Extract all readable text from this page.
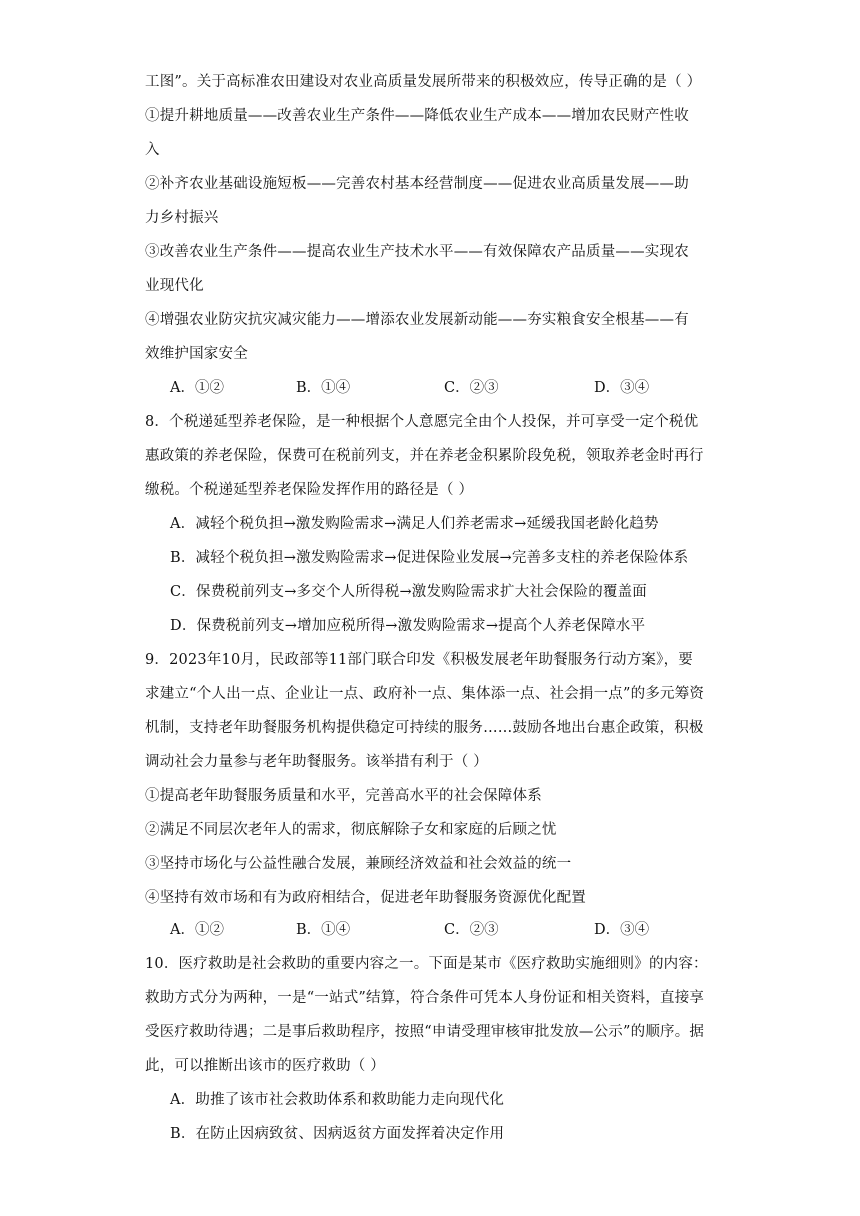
工图”。关于高标准农田建设对农业高质量发展所带来的积极效应，传导正确的是（ ）
①提升耕地质量——改善农业生产条件——降低农业生产成本——增加农民财产性收
入
②补齐农业基础设施短板——完善农村基本经营制度——促进农业高质量发展——助
力乡村振兴
③改善农业生产条件——提高农业生产技术水平——有效保障农产品质量——实现农
业现代化
④增强农业防灾抗灾减灾能力——增添农业发展新动能——夯实粮食安全根基——有
效维护国家安全
A．①②	B．①④	C．②③	D．③④
8．个税递延型养老保险，是一种根据个人意愿完全由个人投保，并可享受一定个税优
惠政策的养老保险，保费可在税前列支，并在养老金积累阶段免税，领取养老金时再行
缴税。个税递延型养老保险发挥作用的路径是（ ）
A．减轻个税负担→激发购险需求→满足人们养老需求→延缓我国老龄化趋势
B．减轻个税负担→激发购险需求→促进保险业发展→完善多支柱的养老保险体系
C．保费税前列支→多交个人所得税→激发购险需求扩大社会保险的覆盖面
D．保费税前列支→增加应税所得→激发购险需求→提高个人养老保障水平
9．2023年10月，民政部等11部门联合印发《积极发展老年助餐服务行动方案》，要
求建立“个人出一点、企业让一点、政府补一点、集体添一点、社会捐一点”的多元筹资
机制，支持老年助餐服务机构提供稳定可持续的服务……鼓励各地出台惠企政策，积极
调动社会力量参与老年助餐服务。该举措有利于（ ）
①提高老年助餐服务质量和水平，完善高水平的社会保障体系
②满足不同层次老年人的需求，彻底解除子女和家庭的后顾之忧
③坚持市场化与公益性融合发展，兼顾经济效益和社会效益的统一
④坚持有效市场和有为政府相结合，促进老年助餐服务资源优化配置
A．①②	B．①④	C．②③	D．③④
10．医疗救助是社会救助的重要内容之一。下面是某市《医疗救助实施细则》的内容：
救助方式分为两种，一是“一站式”结算，符合条件可凭本人身份证和相关资料，直接享
受医疗救助待遇；二是事后救助程序，按照“申请受理审核审批发放—公示”的顺序。据
此，可以推断出该市的医疗救助（ ）
A．助推了该市社会救助体系和救助能力走向现代化
B．在防止因病致贫、因病返贫方面发挥着决定作用
